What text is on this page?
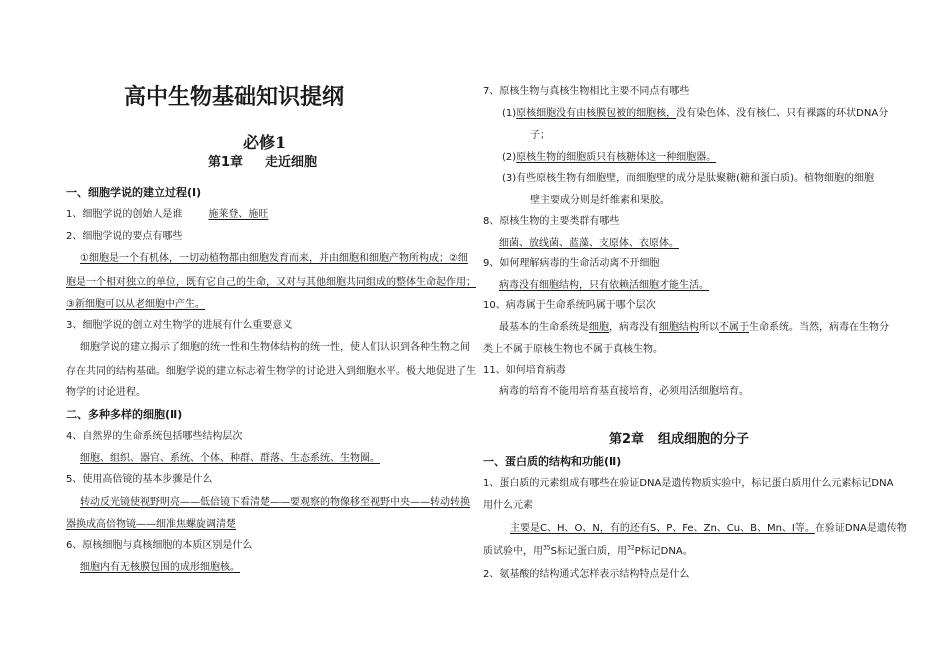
高中生物基础知识提纲
必修1
第1章 走近细胞
一、细胞学说的建立过程(Ⅰ)
1、细胞学说的创始人是谁	施莱登、施旺
2、细胞学说的要点有哪些
①细胞是一个有机体，一切动植物都由细胞发育而来，并由细胞和细胞产物所构成；②细
胞是一个相对独立的单位，既有它自己的生命，又对与其他细胞共同组成的整体生命起作用；
③新细胞可以从老细胞中产生。
3、细胞学说的创立对生物学的进展有什么重要意义
细胞学说的建立揭示了细胞的统一性和生物体结构的统一性，使人们认识到各种生物之间
存在共同的结构基础。细胞学说的建立标志着生物学的讨论进入到细胞水平。极大地促进了生
物学的讨论进程。
二、多种多样的细胞(Ⅱ)
4、自然界的生命系统包括哪些结构层次
细胞、组织、器官、系统、个体、种群、群落、生态系统、生物圈。
5、使用高倍镜的基本步骤是什么
转动反光镜使视野明亮——低倍镜下看清楚——要观察的物像移至视野中央——转动转换
器换成高倍物镜——细准焦螺旋调清楚
6、原核细胞与真核细胞的本质区别是什么
细胞内有无核膜包围的成形细胞核。
7、原核生物与真核生物相比主要不同点有哪些
(1)原核细胞没有由核膜包被的细胞核，没有染色体、没有核仁、只有裸露的环状DNA分
子；
(2)原核生物的细胞质只有核糖体这一种细胞器。
(3)有些原核生物有细胞壁，而细胞壁的成分是肽聚糖(糖和蛋白质)。植物细胞的细胞
壁主要成分则是纤维素和果胶。
8、原核生物的主要类群有哪些
细菌、放线菌、蓝藻、支原体、衣原体。
9、如何理解病毒的生命活动离不开细胞
病毒没有细胞结构，只有依赖活细胞才能生活。
10、病毒属于生命系统吗属于哪个层次
最基本的生命系统是细胞，病毒没有细胞结构所以不属于生命系统。当然，病毒在生物分
类上不属于原核生物也不属于真核生物。
11、如何培育病毒
病毒的培育不能用培育基直接培育，必须用活细胞培育。
第2章 组成细胞的分子
一、蛋白质的结构和功能(Ⅱ)
1、蛋白质的元素组成有哪些在验证DNA是遗传物质实验中，标记蛋白质用什么元素标记DNA
用什么元素
主要是C、H、O、N，有的还有S、P、Fe、Zn、Cu、B、Mn、I等。在验证DNA是遗传物
质试验中，用$^{35}$S标记蛋白质，用$^{32}$P标记DNA。
2、氨基酸的结构通式怎样表示结构特点是什么
